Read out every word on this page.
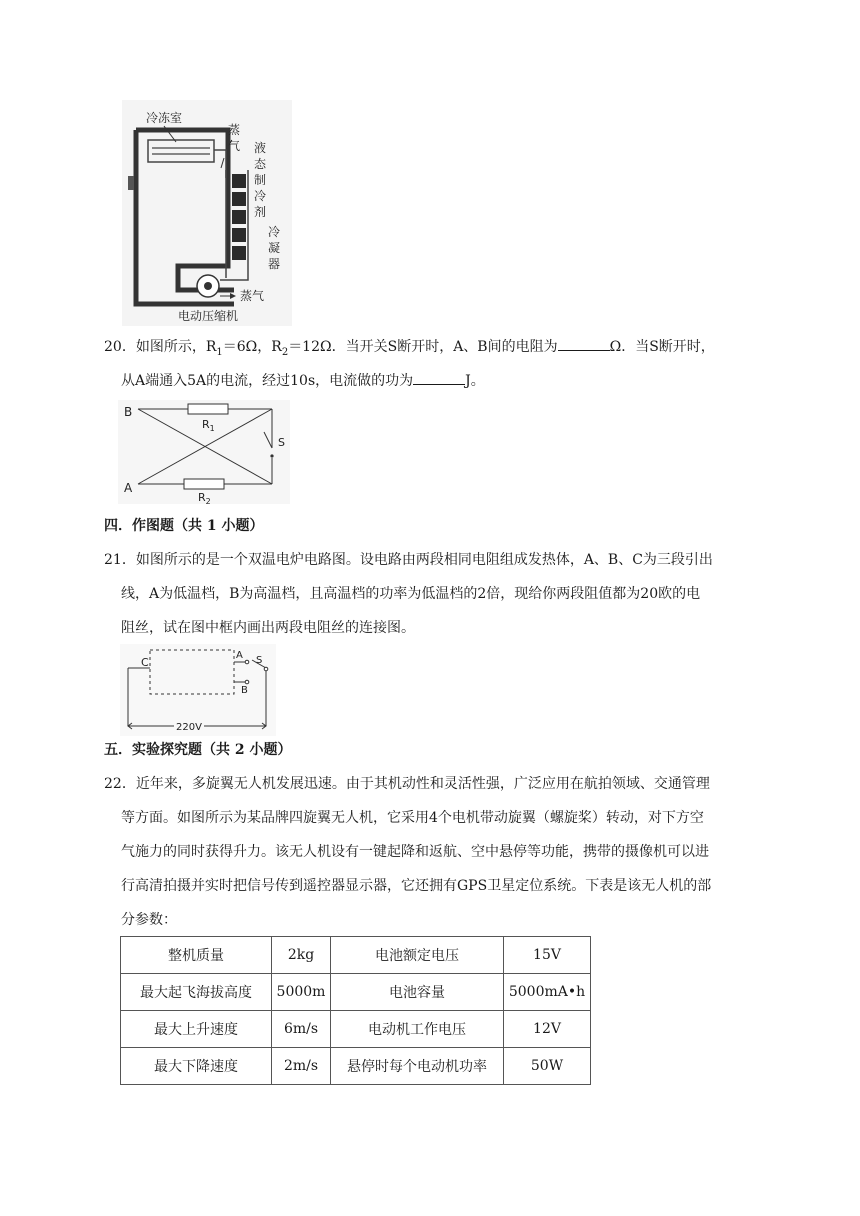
冷冻室
蒸
气 液
态
制
冷
剂
冷
凝
器
蒸气
电动压缩机
20．如图所示，$R_1=6\Omega$，$R_2=12\Omega$．当开关S断开时，A、B间的电阻为	Ω．当S断开时，
从A端通入5A的电流，经过10s，电流做的功为	J。
B
A
$R_1$
$R_2$
S
四．作图题（共 1 小题）
21．如图所示的是一个双温电炉电路图。设电路由两段相同电阻组成发热体，A、B、C为三段引出
线，A为低温档，B为高温档，且高温档的功率为低温档的2倍，现给你两段阻值都为20欧的电
阻丝，试在图中框内画出两段电阻丝的连接图。
C
A
B
S
220V
五．实验探究题（共 2 小题）
22．近年来，多旋翼无人机发展迅速。由于其机动性和灵活性强，广泛应用在航拍领域、交通管理
等方面。如图所示为某品牌四旋翼无人机，它采用4个电机带动旋翼（螺旋桨）转动，对下方空
气施力的同时获得升力。该无人机设有一键起降和返航、空中悬停等功能，携带的摄像机可以进
行高清拍摄并实时把信号传到遥控器显示器，它还拥有GPS卫星定位系统。下表是该无人机的部
分参数：
整机质量	2kg	电池额定电压	15V
最大起飞海拔高度	5000m	电池容量	5000mA•h
最大上升速度	6m/s	电动机工作电压	12V
最大下降速度	2m/s	悬停时每个电动机功率	50W
